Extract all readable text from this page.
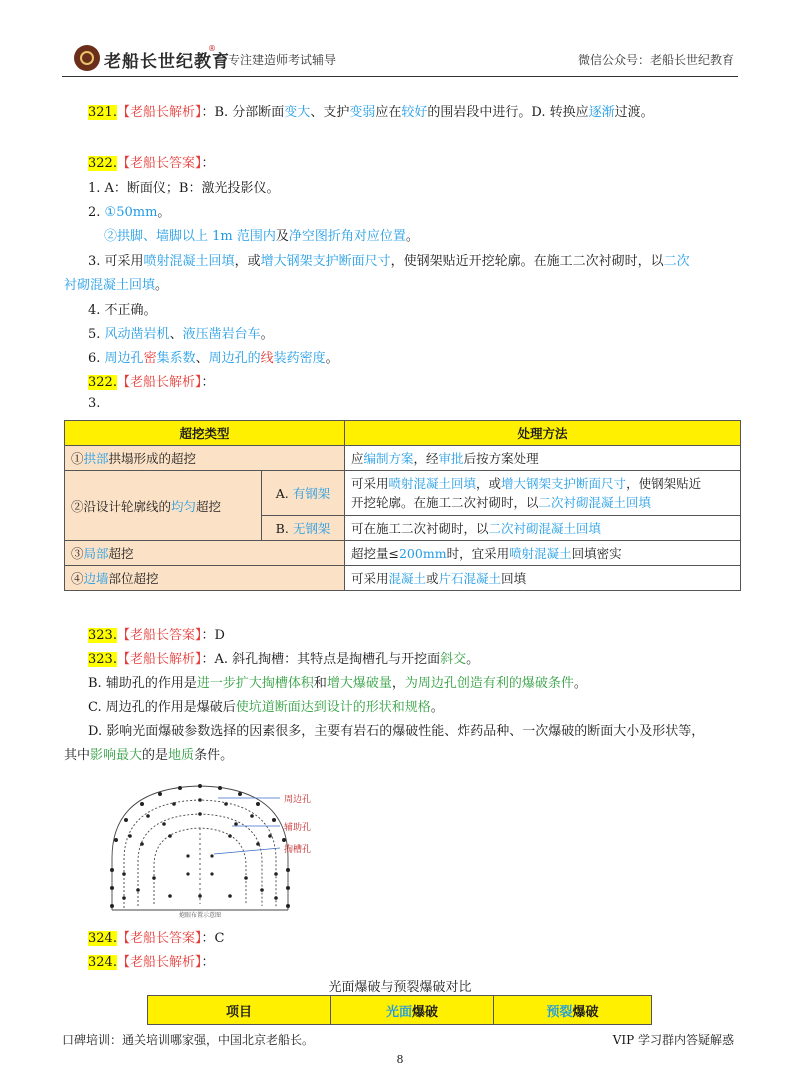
老船长世纪教育
®
专注建造师考试辅导	微信公众号：老船长世纪教育
321.【老船长解析】：B. 分部断面变大、支护变弱应在较好的围岩段中进行。D. 转换应逐渐过渡。
322.【老船长答案】：
1. A：断面仪；B：激光投影仪。
2. ①50mm。
②拱脚、墙脚以上 1m 范围内及净空图折角对应位置。
3. 可采用喷射混凝土回填，或增大钢架支护断面尺寸，使钢架贴近开挖轮廓。在施工二次衬砌时，以二次
衬砌混凝土回填。
4. 不正确。
5. 风动凿岩机、液压凿岩台车。
6. 周边孔密集系数、周边孔的线装药密度。
322.【老船长解析】：
3.
超挖类型		处理方法
①拱部拱塌形成的超挖		应编制方案，经审批后按方案处理
②沿设计轮廓线的均匀超挖	A. 有钢架	可采用喷射混凝土回填，或增大钢架支护断面尺寸，使钢架贴近
开挖轮廓。在施工二次衬砌时，以二次衬砌混凝土回填
	B. 无钢架	可在施工二次衬砌时，以二次衬砌混凝土回填
③局部超挖		超挖量≤200mm时，宜采用喷射混凝土回填密实
④边墙部位超挖		可采用混凝土或片石混凝土回填
323.【老船长答案】：D
323.【老船长解析】：A. 斜孔掏槽：其特点是掏槽孔与开挖面斜交。
B. 辅助孔的作用是进一步扩大掏槽体积和增大爆破量，为周边孔创造有利的爆破条件。
C. 周边孔的作用是爆破后使坑道断面达到设计的形状和规格。
D. 影响光面爆破参数选择的因素很多，主要有岩石的爆破性能、炸药品种、一次爆破的断面大小及形状等，
其中影响最大的是地质条件。
周边孔
辅助孔
掏槽孔
炮眼布置示意图
324.【老船长答案】：C
324.【老船长解析】：
光面爆破与预裂爆破对比
项目	光面爆破	预裂爆破
口碑培训：通关培训哪家强，中国北京老船长。	VIP 学习群内答疑解惑
8
